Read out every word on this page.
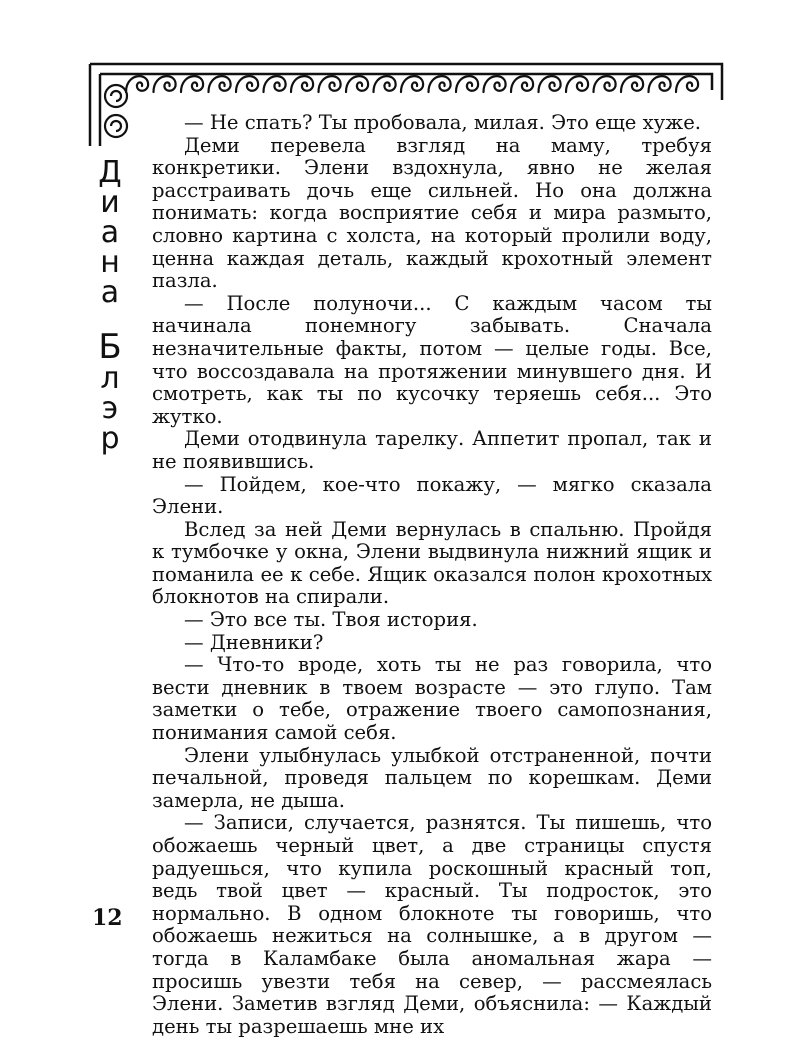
Д
и
а
н
а
Б
л
э
р

— Не спать? Ты пробовала, милая. Это еще хуже.

Деми перевела взгляд на маму, требуя конкретики. Элени вздохнула, явно не желая расстраивать дочь еще сильней. Но она должна понимать: когда восприятие себя и мира размыто, словно картина с холста, на который пролили воду, ценна каждая деталь, каждый крохотный элемент пазла.

— После полуночи... С каждым часом ты начинала понемногу забывать. Сначала незначительные факты, потом — целые годы. Все, что воссоздавала на протяжении минувшего дня. И смотреть, как ты по кусочку теряешь себя... Это жутко.

Деми отодвинула тарелку. Аппетит пропал, так и не появившись.

— Пойдем, кое-что покажу, — мягко сказала Элени.

Вслед за ней Деми вернулась в спальню. Пройдя к тумбочке у окна, Элени выдвинула нижний ящик и поманила ее к себе. Ящик оказался полон крохотных блокнотов на спирали.

— Это все ты. Твоя история.

— Дневники?

— Что-то вроде, хоть ты не раз говорила, что вести дневник в твоем возрасте — это глупо. Там заметки о тебе, отражение твоего самопознания, понимания самой себя.

Элени улыбнулась улыбкой отстраненной, почти печальной, проведя пальцем по корешкам. Деми замерла, не дыша.

— Записи, случается, разнятся. Ты пишешь, что обожаешь черный цвет, а две страницы спустя радуешься, что купила роскошный красный топ, ведь твой цвет — красный. Ты подросток, это нормально. В одном блокноте ты говоришь, что обожаешь нежиться на солнышке, а в другом — тогда в Каламбаке была аномальная жара — просишь увезти тебя на север, — рассмеялась Элени. Заметив взгляд Деми, объяснила: — Каждый день ты разрешаешь мне их

12
